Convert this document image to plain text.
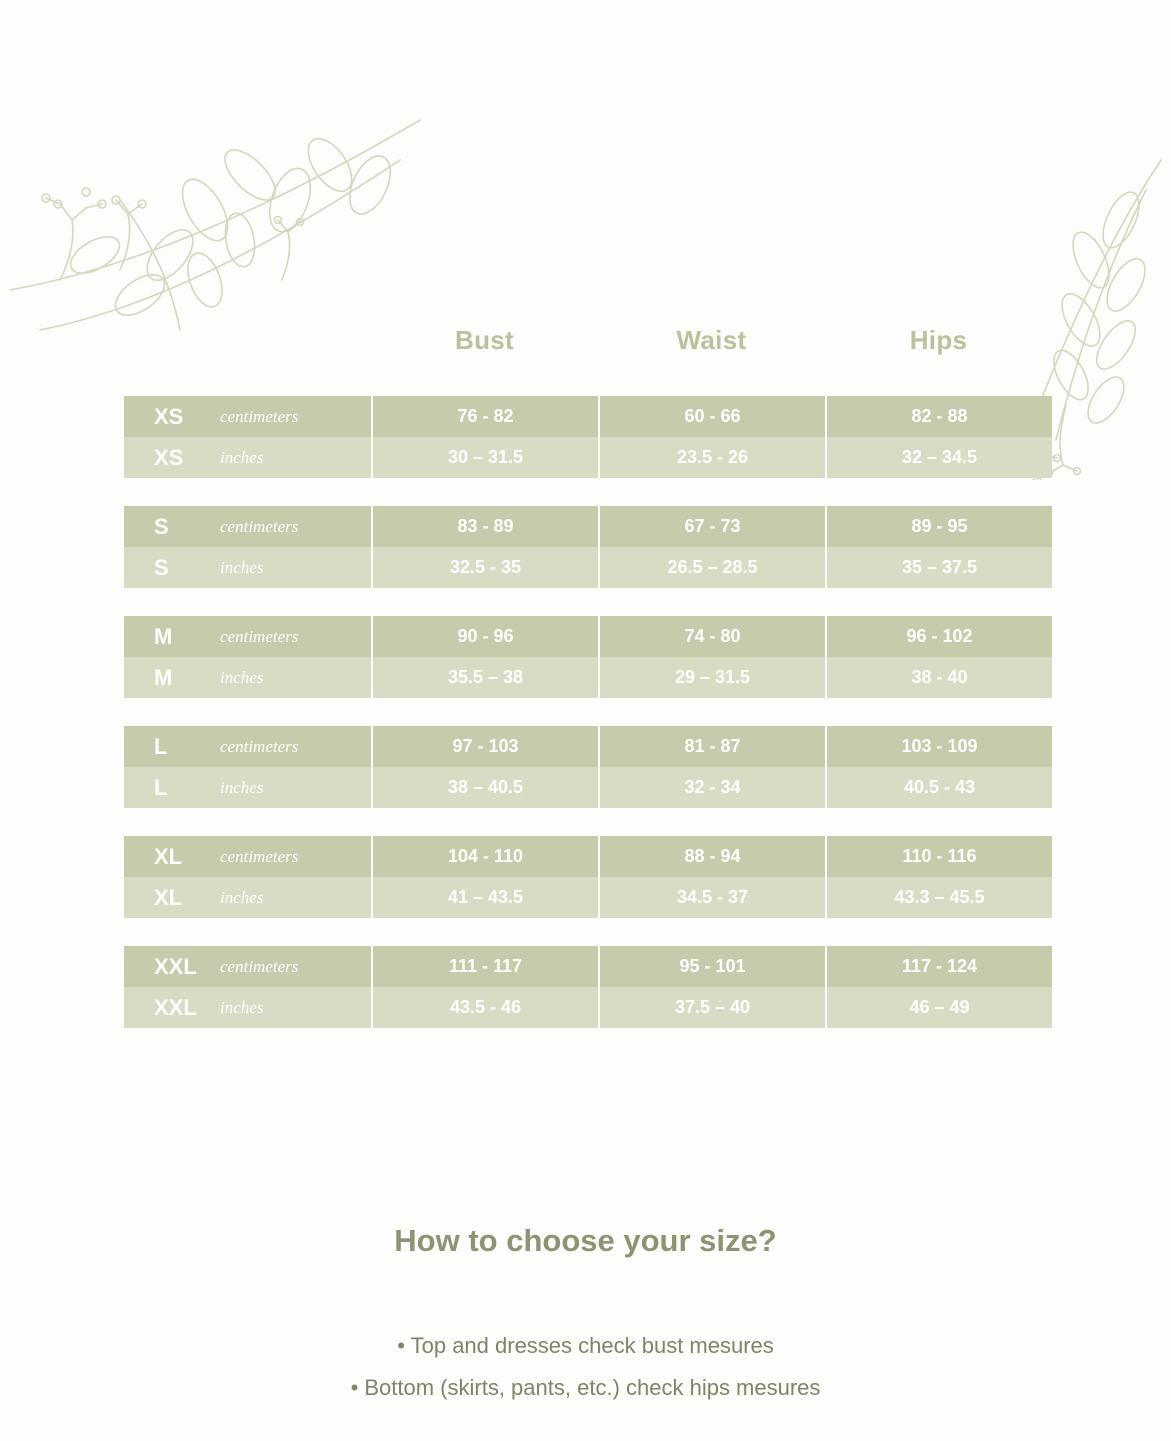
Bust	Waist	Hips
XS	centimeters	76 - 82	60 - 66	82 - 88
XS	inches	30 – 31.5	23.5 - 26	32 – 34.5
S	centimeters	83 - 89	67 - 73	89 - 95
S	inches	32.5 - 35	26.5 – 28.5	35 – 37.5
M	centimeters	90 - 96	74 - 80	96 - 102
M	inches	35.5 – 38	29 – 31.5	38 - 40
L	centimeters	97 - 103	81 - 87	103 - 109
L	inches	38 – 40.5	32 - 34	40.5 - 43
XL	centimeters	104 - 110	88 - 94	110 - 116
XL	inches	41 – 43.5	34.5 - 37	43.3 – 45.5
XXL	centimeters	111 - 117	95 - 101	117 - 124
XXL	inches	43.5 - 46	37.5 – 40	46 – 49
How to choose your size?
• Top and dresses check bust mesures
• Bottom (skirts, pants, etc.) check hips mesures
